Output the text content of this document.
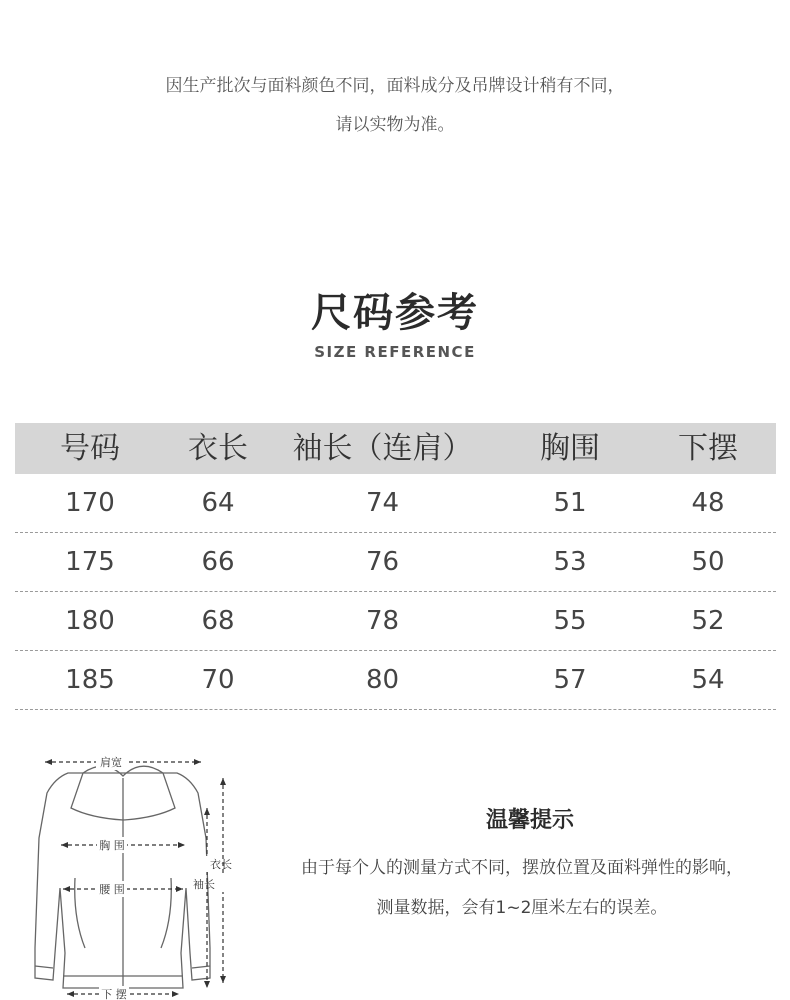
因生产批次与面料颜色不同，面料成分及吊牌设计稍有不同，
请以实物为准。
尺码参考
SIZE REFERENCE
号码	衣长	袖长（连肩）	胸围	下摆
170	64	74	51	48
175	66	76	53	50
180	68	78	55	52
185	70	80	57	54
肩宽
胸 围
腰 围
下 摆
衣长
袖长
温馨提示
由于每个人的测量方式不同，摆放位置及面料弹性的影响，
测量数据，会有1~2厘米左右的误差。
